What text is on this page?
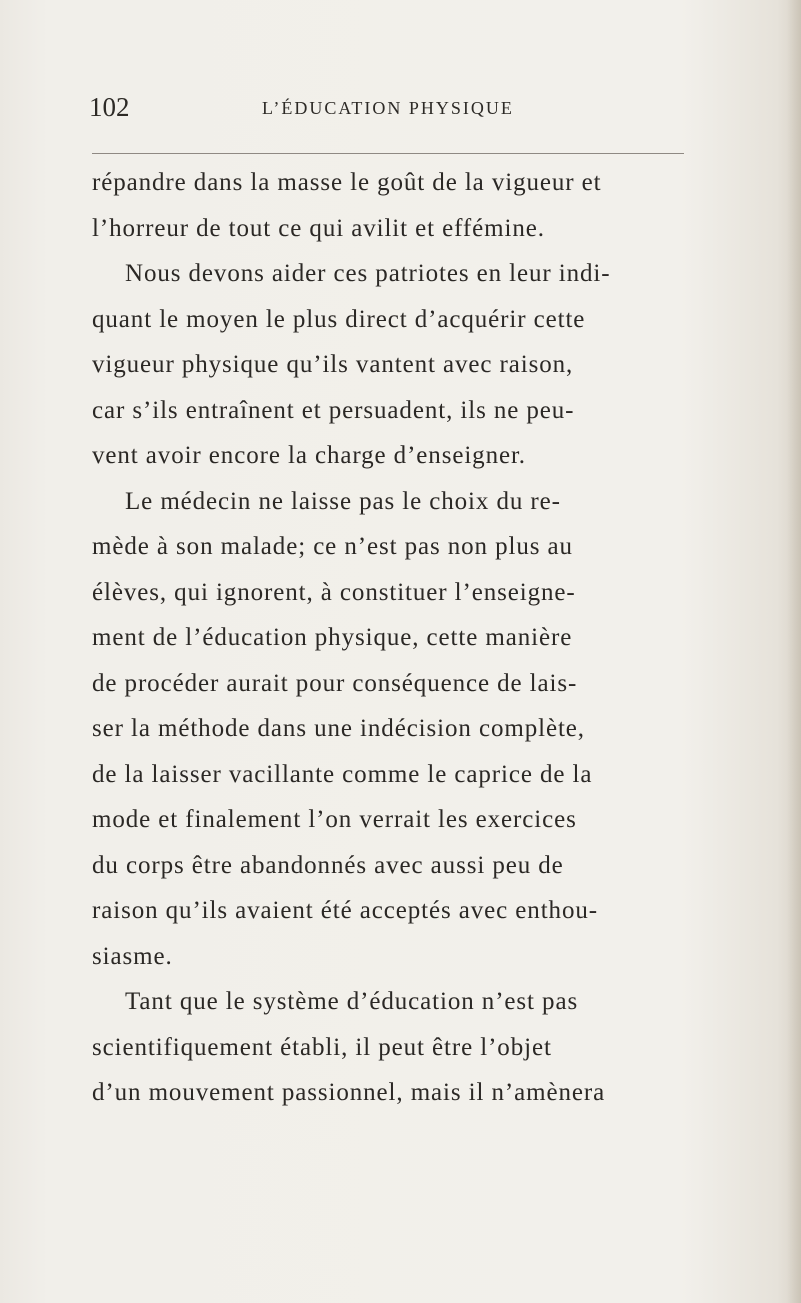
102	L’ÉDUCATION PHYSIQUE
répandre dans la masse le goût de la vigueur et
l’horreur de tout ce qui avilit et efféminе.
Nous devons aider ces patriotes en leur indi-
quant le moyen le plus direct d’acquérir cette
vigueur physique qu’ils vantent avec raison,
car s’ils entraînent et persuadent, ils ne peu-
vent avoir encore la charge d’enseigner.
Le médecin ne laisse pas le choix du re-
mède à son malade; ce n’est pas non plus au
élèves, qui ignorent, à constituer l’enseigne-
ment de l’éducation physique, cette manière
de procéder aurait pour conséquence de lais-
ser la méthode dans une indécision complète,
de la laisser vacillante comme le caprice de la
mode et finalement l’on verrait les exercices
du corps être abandonnés avec aussi peu de
raison qu’ils avaient été acceptés avec enthou-
siasme.
Tant que le système d’éducation n’est pas
scientifiquement établi, il peut être l’objet
d’un mouvement passionnel, mais il n’amènera
